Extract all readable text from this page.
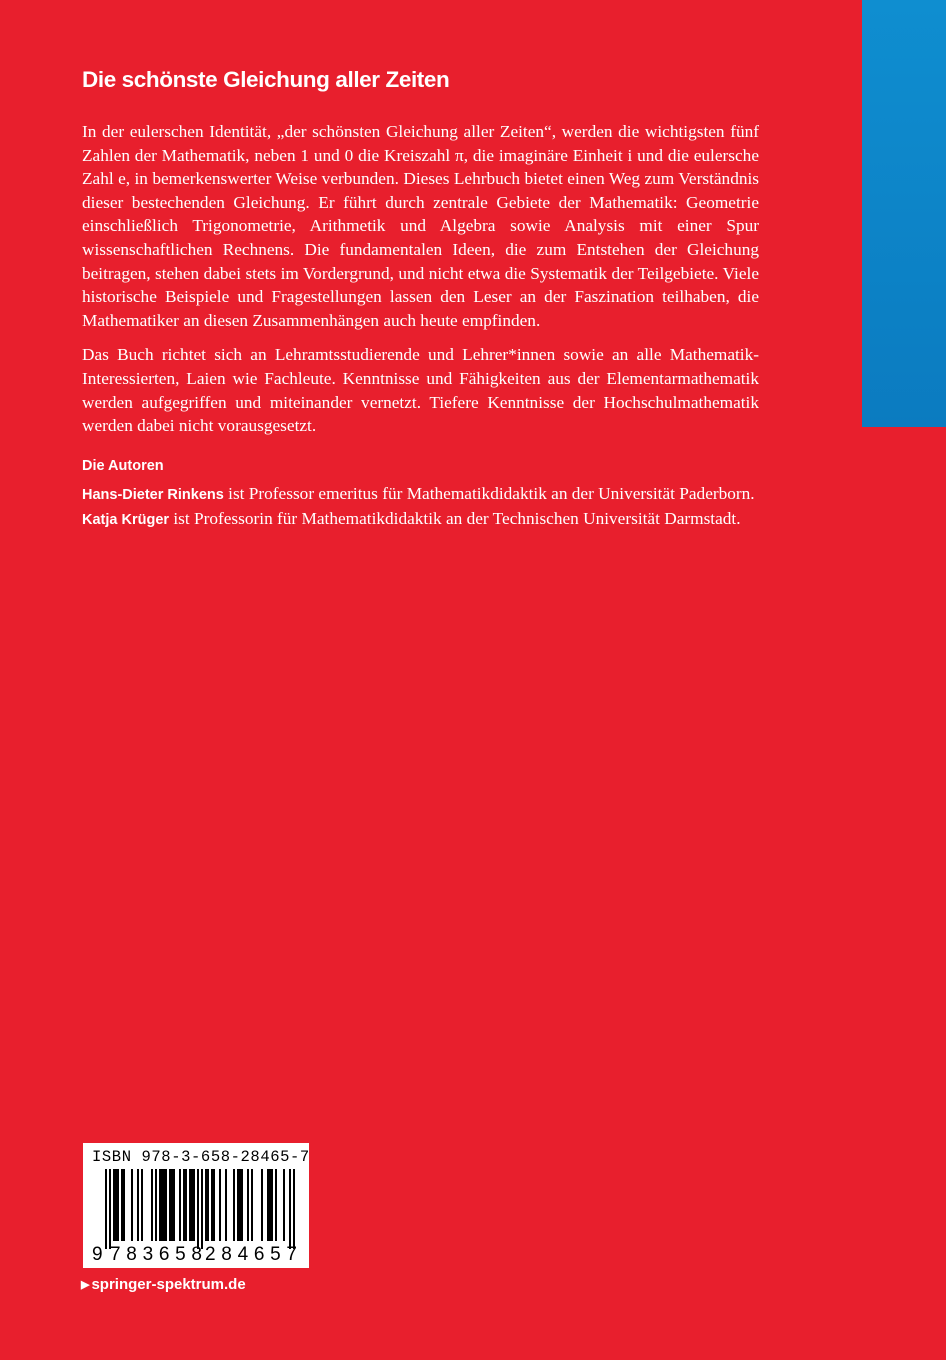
Die schönste Gleichung aller Zeiten

In der eulerschen Identität, „der schönsten Gleichung aller Zeiten“, werden die wichtigsten fünf Zahlen der Mathematik, neben 1 und 0 die Kreiszahl π, die imaginäre Einheit i und die eulersche Zahl e, in bemerkenswerter Weise verbunden. Dieses Lehrbuch bietet einen Weg zum Verständnis dieser bestechenden Gleichung. Er führt durch zentrale Gebiete der Mathematik: Geometrie einschließlich Trigonometrie, Arithmetik und Algebra sowie Analysis mit einer Spur wissenschaftlichen Rechnens. Die fundamentalen Ideen, die zum Entstehen der Gleichung beitragen, stehen dabei stets im Vordergrund, und nicht etwa die Systematik der Teilgebiete. Viele historische Beispiele und Fragestellungen lassen den Leser an der Faszination teilhaben, die Mathematiker an diesen Zusammenhängen auch heute empfinden.

Das Buch richtet sich an Lehramtsstudierende und Lehrer*innen sowie an alle Mathematik-Interessierten, Laien wie Fachleute. Kenntnisse und Fähigkeiten aus der Elementarmathematik werden aufgegriffen und miteinander vernetzt. Tiefere Kenntnisse der Hochschulmathematik werden dabei nicht vorausgesetzt.

Die Autoren

Hans-Dieter Rinkens ist Professor emeritus für Mathematikdidaktik an der Universität Paderborn.

Katja Krüger ist Professorin für Mathematikdidaktik an der Technischen Universität Darmstadt.

ISBN 978-3-658-28465-7
9 783658 284657
▶ springer-spektrum.de
